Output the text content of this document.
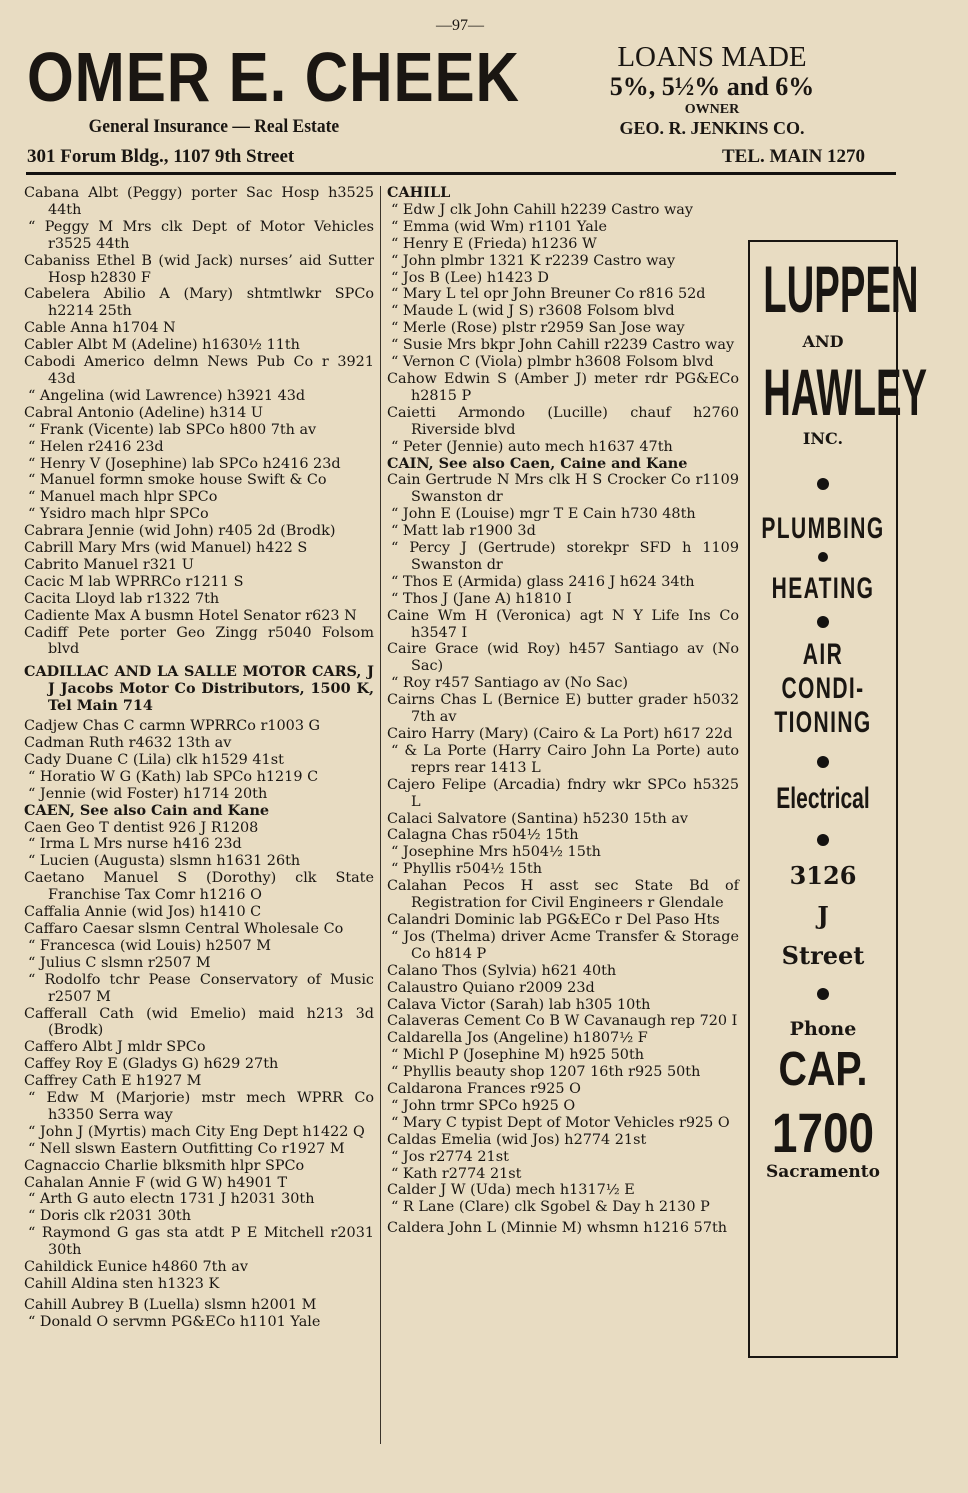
—97—
OMER E. CHEEK
General Insurance — Real Estate
301 Forum Bldg., 1107 9th Street
LOANS MADE
5%, 5½% and 6%
OWNER
GEO. R. JENKINS CO.
TEL. MAIN 1270
Cabana Albt (Peggy) porter Sac Hosp h3525 44th
“ Peggy M Mrs clk Dept of Motor Vehicles r3525 44th
Cabaniss Ethel B (wid Jack) nurses’ aid Sutter Hosp h2830 F
Cabelera Abilio A (Mary) shtmtlwkr SPCo h2214 25th
Cable Anna h1704 N
Cabler Albt M (Adeline) h1630½ 11th
Cabodi Americo delmn News Pub Co r 3921 43d
“ Angelina (wid Lawrence) h3921 43d
Cabral Antonio (Adeline) h314 U
“ Frank (Vicente) lab SPCo h800 7th av
“ Helen r2416 23d
“ Henry V (Josephine) lab SPCo h2416 23d
“ Manuel formn smoke house Swift & Co
“ Manuel mach hlpr SPCo
“ Ysidro mach hlpr SPCo
Cabrara Jennie (wid John) r405 2d (Brodk)
Cabrill Mary Mrs (wid Manuel) h422 S
Cabrito Manuel r321 U
Cacic M lab WPRRCo r1211 S
Cacita Lloyd lab r1322 7th
Cadiente Max A busmn Hotel Senator r623 N
Cadiff Pete porter Geo Zingg r5040 Folsom blvd
CADILLAC AND LA SALLE MOTOR CARS, J J Jacobs Motor Co Distributors, 1500 K, Tel Main 714
Cadjew Chas C carmn WPRRCo r1003 G
Cadman Ruth r4632 13th av
Cady Duane C (Lila) clk h1529 41st
“ Horatio W G (Kath) lab SPCo h1219 C
“ Jennie (wid Foster) h1714 20th
CAEN, See also Cain and Kane
Caen Geo T dentist 926 J R1208
“ Irma L Mrs nurse h416 23d
“ Lucien (Augusta) slsmn h1631 26th
Caetano Manuel S (Dorothy) clk State Franchise Tax Comr h1216 O
Caffalia Annie (wid Jos) h1410 C
Caffaro Caesar slsmn Central Wholesale Co
“ Francesca (wid Louis) h2507 M
“ Julius C slsmn r2507 M
“ Rodolfo tchr Pease Conservatory of Music r2507 M
Cafferall Cath (wid Emelio) maid h213 3d (Brodk)
Caffero Albt J mldr SPCo
Caffey Roy E (Gladys G) h629 27th
Caffrey Cath E h1927 M
“ Edw M (Marjorie) mstr mech WPRR Co h3350 Serra way
“ John J (Myrtis) mach City Eng Dept h1422 Q
“ Nell slswn Eastern Outfitting Co r1927 M
Cagnaccio Charlie blksmith hlpr SPCo
Cahalan Annie F (wid G W) h4901 T
“ Arth G auto electn 1731 J h2031 30th
“ Doris clk r2031 30th
“ Raymond G gas sta atdt P E Mitchell r2031 30th
Cahildick Eunice h4860 7th av
Cahill Aldina sten h1323 K
Cahill Aubrey B (Luella) slsmn h2001 M
“ Donald O servmn PG&ECo h1101 Yale
CAHILL
“ Edw J clk John Cahill h2239 Castro way
“ Emma (wid Wm) r1101 Yale
“ Henry E (Frieda) h1236 W
“ John plmbr 1321 K r2239 Castro way
“ Jos B (Lee) h1423 D
“ Mary L tel opr John Breuner Co r816 52d
“ Maude L (wid J S) r3608 Folsom blvd
“ Merle (Rose) plstr r2959 San Jose way
“ Susie Mrs bkpr John Cahill r2239 Castro way
“ Vernon C (Viola) plmbr h3608 Folsom blvd
Cahow Edwin S (Amber J) meter rdr PG&ECo h2815 P
Caietti Armondo (Lucille) chauf h2760 Riverside blvd
“ Peter (Jennie) auto mech h1637 47th
CAIN, See also Caen, Caine and Kane
Cain Gertrude N Mrs clk H S Crocker Co r1109 Swanston dr
“ John E (Louise) mgr T E Cain h730 48th
“ Matt lab r1900 3d
“ Percy J (Gertrude) storekpr SFD h 1109 Swanston dr
“ Thos E (Armida) glass 2416 J h624 34th
“ Thos J (Jane A) h1810 I
Caine Wm H (Veronica) agt N Y Life Ins Co h3547 I
Caire Grace (wid Roy) h457 Santiago av (No Sac)
“ Roy r457 Santiago av (No Sac)
Cairns Chas L (Bernice E) butter grader h5032 7th av
Cairo Harry (Mary) (Cairo & La Port) h617 22d
“ & La Porte (Harry Cairo John La Porte) auto reprs rear 1413 L
Cajero Felipe (Arcadia) fndry wkr SPCo h5325 L
Calaci Salvatore (Santina) h5230 15th av
Calagna Chas r504½ 15th
“ Josephine Mrs h504½ 15th
“ Phyllis r504½ 15th
Calahan Pecos H asst sec State Bd of Registration for Civil Engineers r Glendale
Calandri Dominic lab PG&ECo r Del Paso Hts
“ Jos (Thelma) driver Acme Transfer & Storage Co h814 P
Calano Thos (Sylvia) h621 40th
Calaustro Quiano r2009 23d
Calava Victor (Sarah) lab h305 10th
Calaveras Cement Co B W Cavanaugh rep 720 I
Caldarella Jos (Angeline) h1807½ F
“ Michl P (Josephine M) h925 50th
“ Phyllis beauty shop 1207 16th r925 50th
Caldarona Frances r925 O
“ John trmr SPCo h925 O
“ Mary C typist Dept of Motor Vehicles r925 O
Caldas Emelia (wid Jos) h2774 21st
“ Jos r2774 21st
“ Kath r2774 21st
Calder J W (Uda) mech h1317½ E
“ R Lane (Clare) clk Sgobel & Day h 2130 P
Caldera John L (Minnie M) whsmn h1216 57th
LUPPEN
AND
HAWLEY
INC.
PLUMBING
HEATING
AIR
CONDI-
TIONING
Electrical
3126
J
Street
Phone
CAP.
1700
Sacramento
